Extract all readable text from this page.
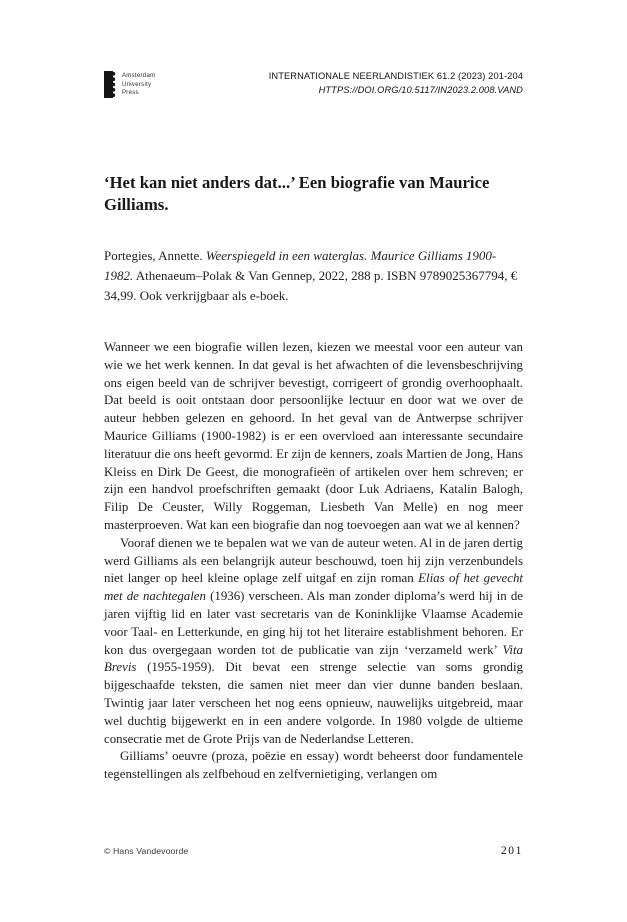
Amsterdam
University
Press
INTERNATIONALE NEERLANDISTIEK 61.2 (2023) 201-204
HTTPS://DOI.ORG/10.5117/IN2023.2.008.VAND
‘Het kan niet anders dat...’ Een biografie van Maurice Gilliams.

Portegies, Annette. Weerspiegeld in een waterglas. Maurice Gilliams 1900-1982. Athenaeum–Polak & Van Gennep, 2022, 288 p. ISBN 9789025367794, € 34,99. Ook verkrijgbaar als e-boek.

Wanneer we een biografie willen lezen, kiezen we meestal voor een auteur van wie we het werk kennen. In dat geval is het afwachten of die levensbeschrijving ons eigen beeld van de schrijver bevestigt, corrigeert of grondig overhoophaalt. Dat beeld is ooit ontstaan door persoonlijke lectuur en door wat we over de auteur hebben gelezen en gehoord. In het geval van de Antwerpse schrijver Maurice Gilliams (1900-1982) is er een overvloed aan interessante secundaire literatuur die ons heeft gevormd. Er zijn de kenners, zoals Martien de Jong, Hans Kleiss en Dirk De Geest, die monografieën of artikelen over hem schreven; er zijn een handvol proefschriften gemaakt (door Luk Adriaens, Katalin Balogh, Filip De Ceuster, Willy Roggeman, Liesbeth Van Melle) en nog meer masterproeven. Wat kan een biografie dan nog toevoegen aan wat we al kennen?

Vooraf dienen we te bepalen wat we van de auteur weten. Al in de jaren dertig werd Gilliams als een belangrijk auteur beschouwd, toen hij zijn verzenbundels niet langer op heel kleine oplage zelf uitgaf en zijn roman Elias of het gevecht met de nachtegalen (1936) verscheen. Als man zonder diploma’s werd hij in de jaren vijftig lid en later vast secretaris van de Koninklijke Vlaamse Academie voor Taal- en Letterkunde, en ging hij tot het literaire establishment behoren. Er kon dus overgegaan worden tot de publicatie van zijn ‘verzameld werk’ Vita Brevis (1955-1959). Dit bevat een strenge selectie van soms grondig bijgeschaafde teksten, die samen niet meer dan vier dunne banden beslaan. Twintig jaar later verscheen het nog eens opnieuw, nauwelijks uitgebreid, maar wel duchtig bijgewerkt en in een andere volgorde. In 1980 volgde de ultieme consecratie met de Grote Prijs van de Nederlandse Letteren.

Gilliams’ oeuvre (proza, poëzie en essay) wordt beheerst door fundamentele tegenstellingen als zelfbehoud en zelfvernietiging, verlangen om

© Hans Vandevoorde	201
